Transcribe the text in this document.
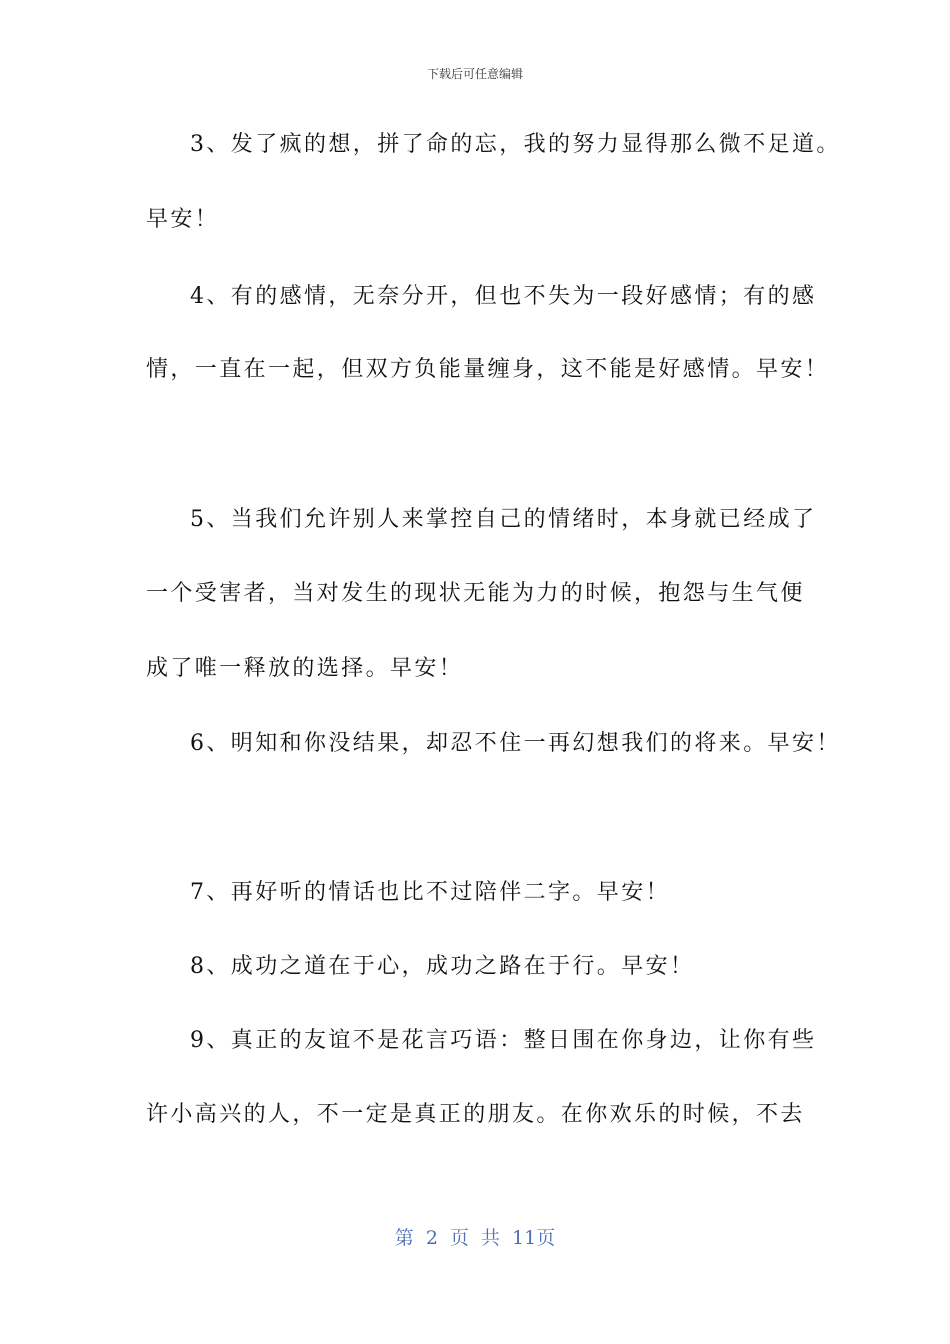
下载后可任意编辑
3、发了疯的想，拼了命的忘，我的努力显得那么微不足道。
早安！
4、有的感情，无奈分开，但也不失为一段好感情；有的感
情，一直在一起，但双方负能量缠身，这不能是好感情。早安！
5、当我们允许别人来掌控自己的情绪时，本身就已经成了
一个受害者，当对发生的现状无能为力的时候，抱怨与生气便
成了唯一释放的选择。早安！
6、明知和你没结果，却忍不住一再幻想我们的将来。早安！
7、再好听的情话也比不过陪伴二字。早安！
8、成功之道在于心，成功之路在于行。早安！
9、真正的友谊不是花言巧语：整日围在你身边，让你有些
许小高兴的人，不一定是真正的朋友。在你欢乐的时候，不去
第 2 页 共 11页
